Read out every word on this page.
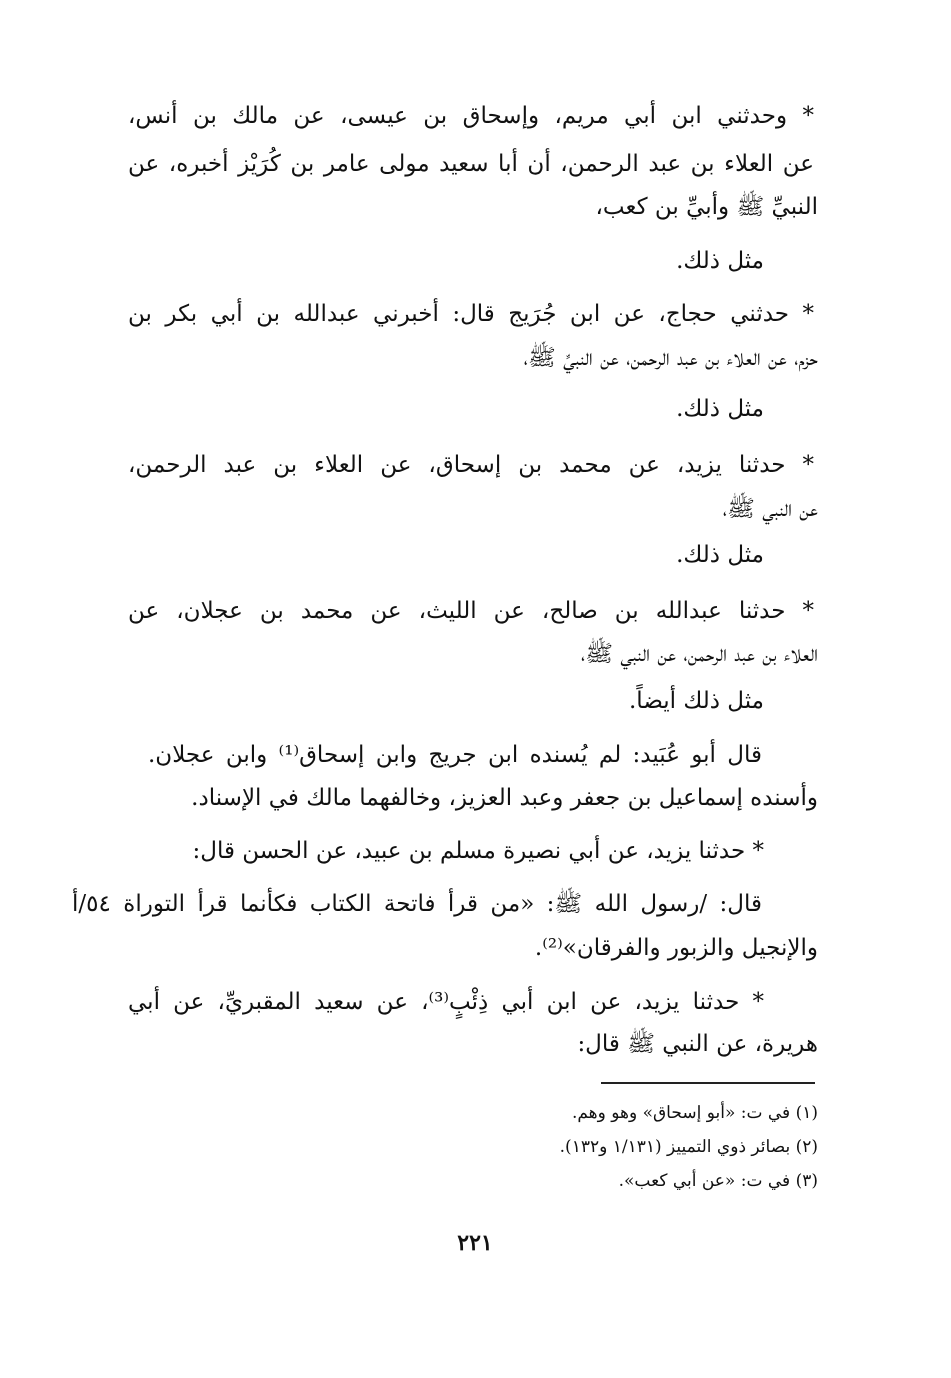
* وحدثني ابن أبي مريم، وإسحاق بن عيسى، عن مالك بن أنس،
عن العلاء بن عبد الرحمن، أن أبا سعيد مولى عامر بن كُرَيْز أخبره، عن
النبيِّ ﷺ وأبيِّ بن كعب،
مثل ذلك.
* حدثني حجاج، عن ابن جُرَيج قال: أخبرني عبدالله بن أبي بكر بن
حزم، عن العلاء بن عبد الرحمن، عن النبيِّ ﷺ،
مثل ذلك.
* حدثنا يزيد، عن محمد بن إسحاق، عن العلاء بن عبد الرحمن،
عن النبي ﷺ،
مثل ذلك.
* حدثنا عبدالله بن صالح، عن الليث، عن محمد بن عجلان، عن
العلاء بن عبد الرحمن، عن النبي ﷺ،
مثل ذلك أيضاً.
قال أبو عُبَيد: لم يُسنده ابن جريج وابن إسحاق⁽¹⁾ وابن عجلان.
وأسنده إسماعيل بن جعفر وعبد العزيز، وخالفهما مالك في الإسناد.
* حدثنا يزيد، عن أبي نصيرة مسلم بن عبيد، عن الحسن قال:
قال: /رسول الله ﷺ: «من قرأ فاتحة الكتاب فكأنما قرأ التوراة ٥٤/أ
والإنجيل والزبور والفرقان»⁽²⁾.
* حدثنا يزيد، عن ابن أبي ذِئْبٍ⁽³⁾، عن سعيد المقبريِّ، عن أبي
هريرة، عن النبي ﷺ قال:
(١) في ت: «أبو إسحاق» وهو وهم.
(٢) بصائر ذوي التمييز (١/١٣١ و١٣٢).
(٣) في ت: «عن أبي كعب».
٢٢١
